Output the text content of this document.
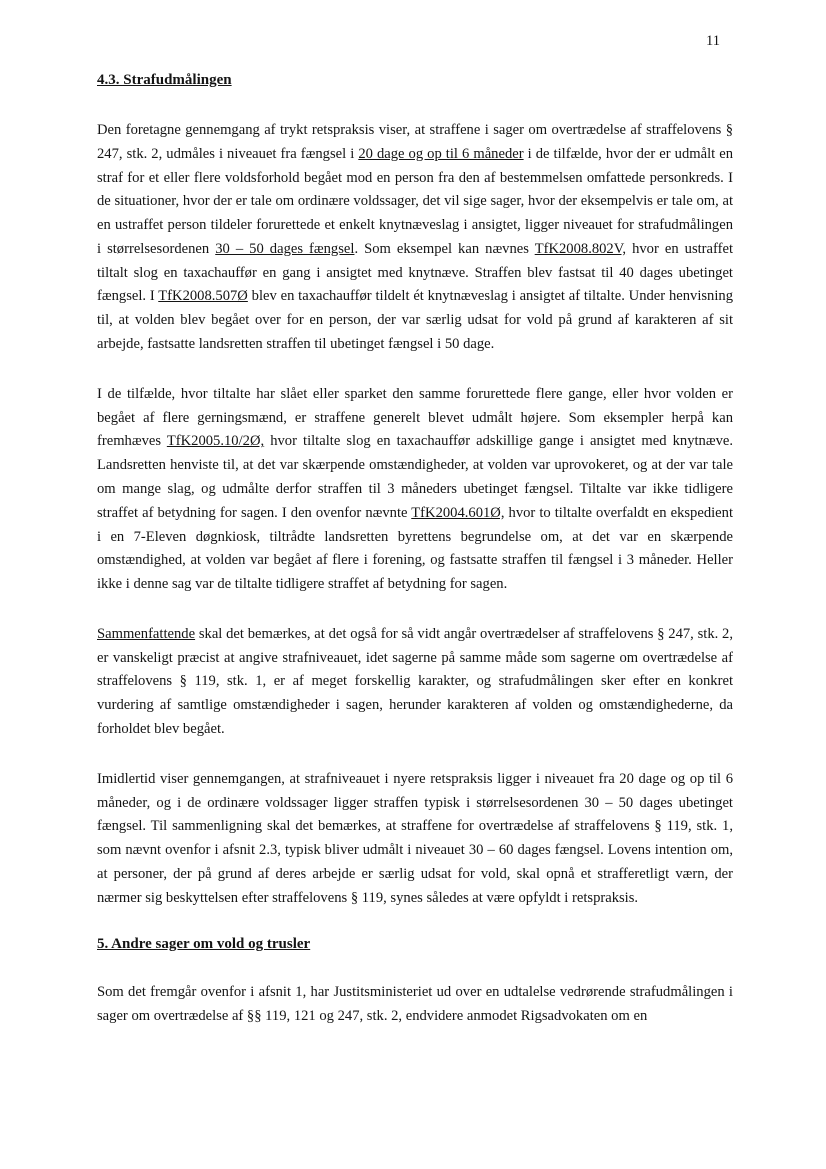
11
4.3. Strafudmålingen

Den foretagne gennemgang af trykt retspraksis viser, at straffene i sager om overtrædelse af straffelovens § 247, stk. 2, udmåles i niveauet fra fængsel i 20 dage og op til 6 måneder i de tilfælde, hvor der er udmålt en straf for et eller flere voldsforhold begået mod en person fra den af bestemmelsen omfattede personkreds. I de situationer, hvor der er tale om ordinære voldssager, det vil sige sager, hvor der eksempelvis er tale om, at en ustraffet person tildeler forurettede et enkelt knytnæveslag i ansigtet, ligger niveauet for strafudmålingen i størrelsesordenen 30 – 50 dages fængsel. Som eksempel kan nævnes TfK2008.802V, hvor en ustraffet tiltalt slog en taxachauffør en gang i ansigtet med knytnæve. Straffen blev fastsat til 40 dages ubetinget fængsel. I TfK2008.507Ø blev en taxachauffør tildelt ét knytnæveslag i ansigtet af tiltalte. Under henvisning til, at volden blev begået over for en person, der var særlig udsat for vold på grund af karakteren af sit arbejde, fastsatte landsretten straffen til ubetinget fængsel i 50 dage.

I de tilfælde, hvor tiltalte har slået eller sparket den samme forurettede flere gange, eller hvor volden er begået af flere gerningsmænd, er straffene generelt blevet udmålt højere. Som eksempler herpå kan fremhæves TfK2005.10/2Ø, hvor tiltalte slog en taxachauffør adskillige gange i ansigtet med knytnæve. Landsretten henviste til, at det var skærpende omstændigheder, at volden var uprovokeret, og at der var tale om mange slag, og udmålte derfor straffen til 3 måneders ubetinget fængsel. Tiltalte var ikke tidligere straffet af betydning for sagen. I den ovenfor nævnte TfK2004.601Ø, hvor to tiltalte overfaldt en ekspedient i en 7-Eleven døgnkiosk, tiltrådte landsretten byrettens begrundelse om, at det var en skærpende omstændighed, at volden var begået af flere i forening, og fastsatte straffen til fængsel i 3 måneder. Heller ikke i denne sag var de tiltalte tidligere straffet af betydning for sagen.

Sammenfattende skal det bemærkes, at det også for så vidt angår overtrædelser af straffelovens § 247, stk. 2, er vanskeligt præcist at angive strafniveauet, idet sagerne på samme måde som sagerne om overtrædelse af straffelovens § 119, stk. 1, er af meget forskellig karakter, og strafudmålingen sker efter en konkret vurdering af samtlige omstændigheder i sagen, herunder karakteren af volden og omstændighederne, da forholdet blev begået.

Imidlertid viser gennemgangen, at strafniveauet i nyere retspraksis ligger i niveauet fra 20 dage og op til 6 måneder, og i de ordinære voldssager ligger straffen typisk i størrelsesordenen 30 – 50 dages ubetinget fængsel. Til sammenligning skal det bemærkes, at straffene for overtrædelse af straffelovens § 119, stk. 1, som nævnt ovenfor i afsnit 2.3, typisk bliver udmålt i niveauet 30 – 60 dages fængsel. Lovens intention om, at personer, der på grund af deres arbejde er særlig udsat for vold, skal opnå et strafferetligt værn, der nærmer sig beskyttelsen efter straffelovens § 119, synes således at være opfyldt i retspraksis.

5. Andre sager om vold og trusler

Som det fremgår ovenfor i afsnit 1, har Justitsministeriet ud over en udtalelse vedrørende strafudmålingen i sager om overtrædelse af §§ 119, 121 og 247, stk. 2, endvidere anmodet Rigsadvokaten om en
